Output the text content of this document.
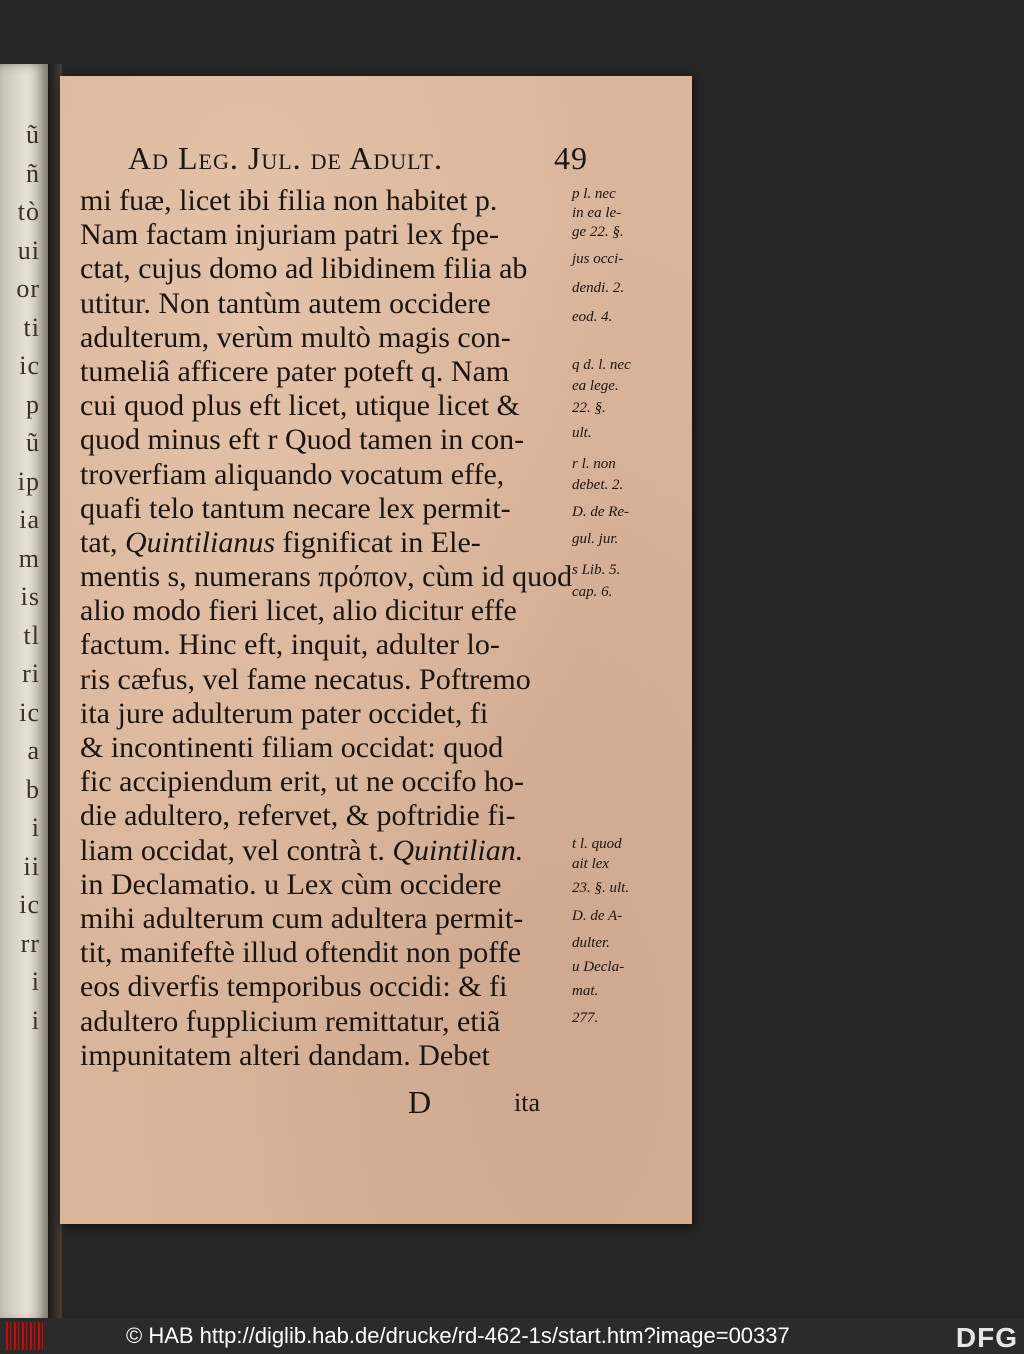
ũ
ñ
tò
ui
or
ti
ic
p
ũ
ip
ia
m
is
tl
ri
ic
a
b
i
ii
ic
rr
i
i
Ad Leg. Jul. de Adult.	49
mi fuæ, licet ibi filia non habitet p.
Nam factam injuriam patri lex fpe-
ctat, cujus domo ad libidinem filia ab
utitur. Non tantùm autem occidere
adulterum, verùm multò magis con-
tumeliâ afficere pater poteft q. Nam
cui quod plus eft licet, utique licet &
quod minus eft r Quod tamen in con-
troverfiam aliquando vocatum effe,
quafi telo tantum necare lex permit-
tat, Quintilianus fignificat in Ele-
mentis s, numerans πρόπον, cùm id quod
alio modo fieri licet, alio dicitur effe
factum. Hinc eft, inquit, adulter lo-
ris cæfus, vel fame necatus. Poftremo
ita jure adulterum pater occidet, fi
& incontinenti filiam occidat: quod
fic accipiendum erit, ut ne occifo ho-
die adultero, refervet, & poftridie fi-
liam occidat, vel contrà t. Quintilian.
in Declamatio. u Lex cùm occidere
mihi adulterum cum adultera permit-
tit, manifeftè illud oftendit non poffe
eos diverfis temporibus occidi: & fi
adultero fupplicium remittatur, etiã
impunitatem alteri dandam. Debet
p l. nec
in ea le-
ge 22. §.
jus occi-
dendi. 2.
eod. 4.
q d. l. nec
ea lege.
22. §.
ult.
r l. non
debet. 2.
D. de Re-
gul. jur.
s Lib. 5.
cap. 6.
t l. quod
ait lex
23. §. ult.
D. de A-
dulter.
u Decla-
mat.
277.
D	ita
© HAB http://diglib.hab.de/drucke/rd-462-1s/start.htm?image=00337	DFG
